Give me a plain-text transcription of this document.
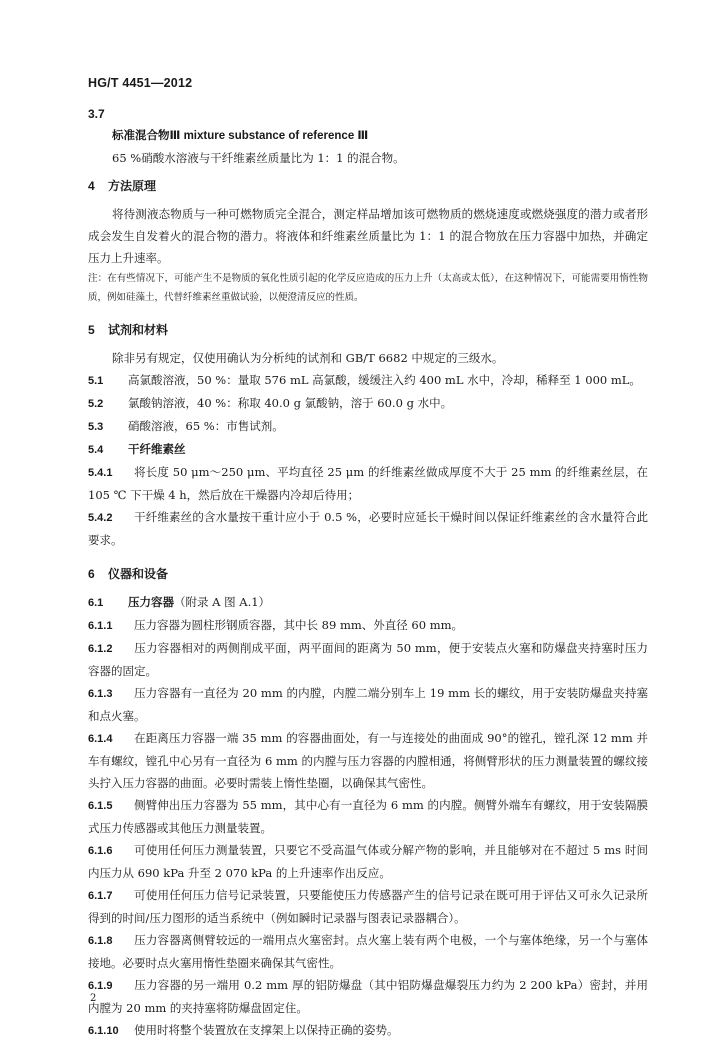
HG/T 4451—2012
3.7
标准混合物Ⅲ mixture substance of reference Ⅲ
65 %硝酸水溶液与干纤维素丝质量比为 1：1 的混合物。
4 方法原理
将待测液态物质与一种可燃物质完全混合，测定样品增加该可燃物质的燃烧速度或燃烧强度的潜力或者形成会发生自发着火的混合物的潜力。将液体和纤维素丝质量比为 1：1 的混合物放在压力容器中加热，并确定压力上升速率。
注：在有些情况下，可能产生不是物质的氧化性质引起的化学反应造成的压力上升（太高或太低），在这种情况下，可能需要用惰性物质，例如硅藻土，代替纤维素丝重做试验，以便澄清反应的性质。
5 试剂和材料
除非另有规定，仅使用确认为分析纯的试剂和 GB/T 6682 中规定的三级水。
5.1 高氯酸溶液，50 %：量取 576 mL 高氯酸，缓缓注入约 400 mL 水中，冷却，稀释至 1 000 mL。
5.2 氯酸钠溶液，40 %：称取 40.0 g 氯酸钠，溶于 60.0 g 水中。
5.3 硝酸溶液，65 %：市售试剂。
5.4 干纤维素丝
5.4.1 将长度 50 μm～250 μm、平均直径 25 μm 的纤维素丝做成厚度不大于 25 mm 的纤维素丝层，在 105 ℃ 下干燥 4 h，然后放在干燥器内冷却后待用；
5.4.2 干纤维素丝的含水量按干重计应小于 0.5 %，必要时应延长干燥时间以保证纤维素丝的含水量符合此要求。
6 仪器和设备
6.1 压力容器（附录 A 图 A.1）
6.1.1 压力容器为圆柱形钢质容器，其中长 89 mm、外直径 60 mm。
6.1.2 压力容器相对的两侧削成平面，两平面间的距离为 50 mm，便于安装点火塞和防爆盘夹持塞时压力容器的固定。
6.1.3 压力容器有一直径为 20 mm 的内膛，内膛二端分别车上 19 mm 长的螺纹，用于安装防爆盘夹持塞和点火塞。
6.1.4 在距离压力容器一端 35 mm 的容器曲面处，有一与连接处的曲面成 90°的镗孔，镗孔深 12 mm 并车有螺纹，镗孔中心另有一直径为 6 mm 的内膛与压力容器的内膛相通，将侧臂形状的压力测量装置的螺纹接头拧入压力容器的曲面。必要时需装上惰性垫圈，以确保其气密性。
6.1.5 侧臂伸出压力容器为 55 mm，其中心有一直径为 6 mm 的内膛。侧臂外端车有螺纹，用于安装隔膜式压力传感器或其他压力测量装置。
6.1.6 可使用任何压力测量装置，只要它不受高温气体或分解产物的影响，并且能够对在不超过 5 ms 时间内压力从 690 kPa 升至 2 070 kPa 的上升速率作出反应。
6.1.7 可使用任何压力信号记录装置，只要能使压力传感器产生的信号记录在既可用于评估又可永久记录所得到的时间/压力图形的适当系统中（例如瞬时记录器与图表记录器耦合）。
6.1.8 压力容器离侧臂较远的一端用点火塞密封。点火塞上装有两个电极，一个与塞体绝缘，另一个与塞体接地。必要时点火塞用惰性垫圈来确保其气密性。
6.1.9 压力容器的另一端用 0.2 mm 厚的铝防爆盘（其中铝防爆盘爆裂压力约为 2 200 kPa）密封，并用内膛为 20 mm 的夹持塞将防爆盘固定住。
6.1.10 使用时将整个装置放在支撑架上以保持正确的姿势。
2
